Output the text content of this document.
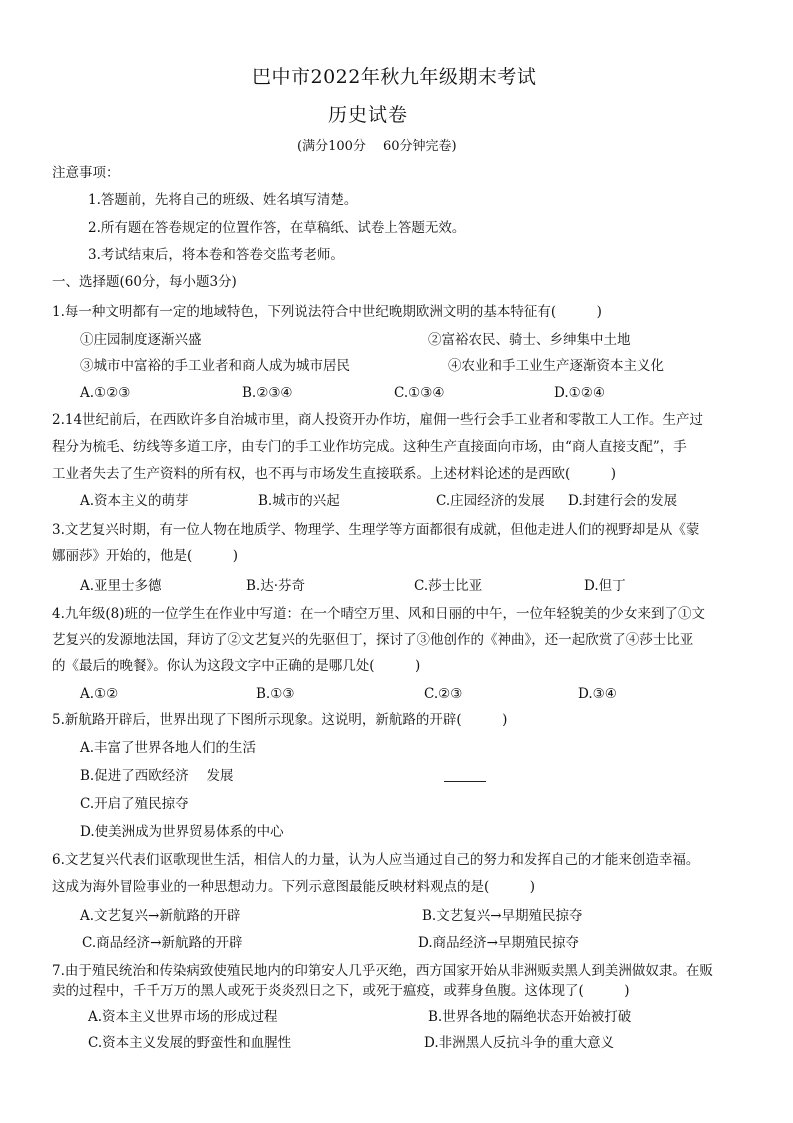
巴中市2022年秋九年级期末考试
历史试卷
(满分100分　 60分钟完卷)
注意事项：
1.答题前，先将自己的班级、姓名填写清楚。
2.所有题在答卷规定的位置作答，在草稿纸、试卷上答题无效。
3.考试结束后，将本卷和答卷交监考老师。
一、选择题(60分，每小题3分)
1.每一种文明都有一定的地域特色，下列说法符合中世纪晚期欧洲文明的基本特征有(　　　)
①庄园制度逐渐兴盛	②富裕农民、骑士、乡绅集中土地
③城市中富裕的手工业者和商人成为城市居民	④农业和手工业生产逐渐资本主义化
A.①②③	B.②③④	C.①③④	D.①②④
2.14世纪前后，在西欧许多自治城市里，商人投资开办作坊，雇佣一些行会手工业者和零散工人工作。生产过
程分为梳毛、纺线等多道工序，由专门的手工业作坊完成。这种生产直接面向市场，由“商人直接支配”，手
工业者失去了生产资料的所有权，也不再与市场发生直接联系。上述材料论述的是西欧(　　　)
A.资本主义的萌芽	B.城市的兴起	C.庄园经济的发展 D.封建行会的发展
3.文艺复兴时期，有一位人物在地质学、物理学、生理学等方面都很有成就，但他走进人们的视野却是从《蒙
娜丽莎》开始的，他是(　　　)
A.亚里士多德	B.达·芬奇	C.莎士比亚	D.但丁
4.九年级(8)班的一位学生在作业中写道：在一个晴空万里、风和日丽的中午，一位年轻貌美的少女来到了①文
艺复兴的发源地法国，拜访了②文艺复兴的先驱但丁，探讨了③他创作的《神曲》，还一起欣赏了④莎士比亚
的《最后的晚餐》。你认为这段文字中正确的是哪几处(　　　)
A.①②	B.①③	C.②③	D.③④
5.新航路开辟后，世界出现了下图所示现象。这说明，新航路的开辟(　　　)
A.丰富了世界各地人们的生活
B.促进了西欧经济　 发展
C.开启了殖民掠夺
D.使美洲成为世界贸易体系的中心
6.文艺复兴代表们讴歌现世生活，相信人的力量，认为人应当通过自己的努力和发挥自己的才能来创造幸福。
这成为海外冒险事业的一种思想动力。下列示意图最能反映材料观点的是(　　　)
A.文艺复兴→新航路的开辟	B.文艺复兴→早期殖民掠夺
C.商品经济→新航路的开辟	D.商品经济→早期殖民掠夺
7.由于殖民统治和传染病致使殖民地内的印第安人几乎灭绝，西方国家开始从非洲贩卖黑人到美洲做奴隶。在贩
卖的过程中，千千万万的黑人或死于炎炎烈日之下，或死于瘟疫，或葬身鱼腹。这体现了(　　　)
A.资本主义世界市场的形成过程	B.世界各地的隔绝状态开始被打破
C.资本主义发展的野蛮性和血腥性	D.非洲黑人反抗斗争的重大意义
